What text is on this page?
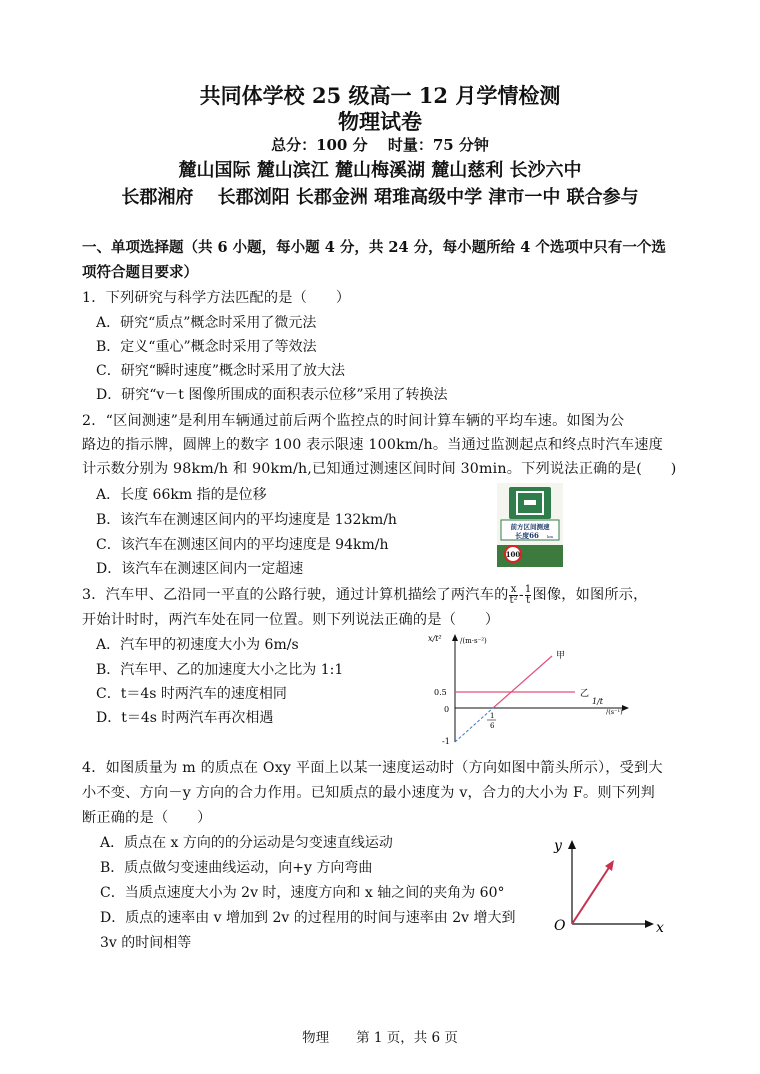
共同体学校 25 级高一 12 月学情检测
物理试卷
总分：100 分　 时量：75 分钟
麓山国际 麓山滨江 麓山梅溪湖 麓山慈利 长沙六中
长郡湘府　 长郡浏阳 长郡金洲 珺琟高级中学 津市一中 联合参与
一、单项选择题（共 6 小题，每小题 4 分，共 24 分，每小题所给 4 个选项中只有一个选
项符合题目要求）
1．下列研究与科学方法匹配的是（　　）
A．研究“质点”概念时采用了微元法
B．定义“重心”概念时采用了等效法
C．研究“瞬时速度”概念时采用了放大法
D．研究“v－t 图像所围成的面积表示位移”采用了转换法
2．“区间测速”是利用车辆通过前后两个监控点的时间计算车辆的平均车速。如图为公
路边的指示牌，圆牌上的数字 100 表示限速 100km/h。当通过监测起点和终点时汽车速度
计示数分别为 98km/h 和 90km/h,已知通过测速区间时间 30min。下列说法正确的是(　　)
A．长度 66km 指的是位移
B．该汽车在测速区间内的平均速度是 132km/h
C．该汽车在测速区间内的平均速度是 94km/h
D．该汽车在测速区间内一定超速
前方区间测速
长度66 km
100
3．汽车甲、乙沿同一平直的公路行驶，通过计算机描绘了两汽车的 $\frac{x}{\text{t²}} - \frac{1}{t}$ 图像，如图所示，
开始计时时，两汽车处在同一位置。则下列说法正确的是（　　）
A．汽车甲的初速度大小为 6m/s
B．汽车甲、乙的加速度大小之比为 1:1
C．t＝4s 时两汽车的速度相同
D．t＝4s 时两汽车再次相遇
x/t²	/(m·s⁻²)
乙
甲
0.5
0
-1
1
6
1/t
/(s⁻¹)
4．如图质量为 m 的质点在 Oxy 平面上以某一速度运动时（方向如图中箭头所示），受到大
小不变、方向－y 方向的合力作用。已知质点的最小速度为 v，合力的大小为 F。则下列判
断正确的是（　　）
A．质点在 x 方向的的分运动是匀变速直线运动
B．质点做匀变速曲线运动，向+y 方向弯曲
C．当质点速度大小为 2v 时，速度方向和 x 轴之间的夹角为 60°
D．质点的速率由 v 增加到 2v 的过程用的时间与速率由 2v 增大到
3v 的时间相等
y
x
O
物理　　第 1 页，共 6 页
